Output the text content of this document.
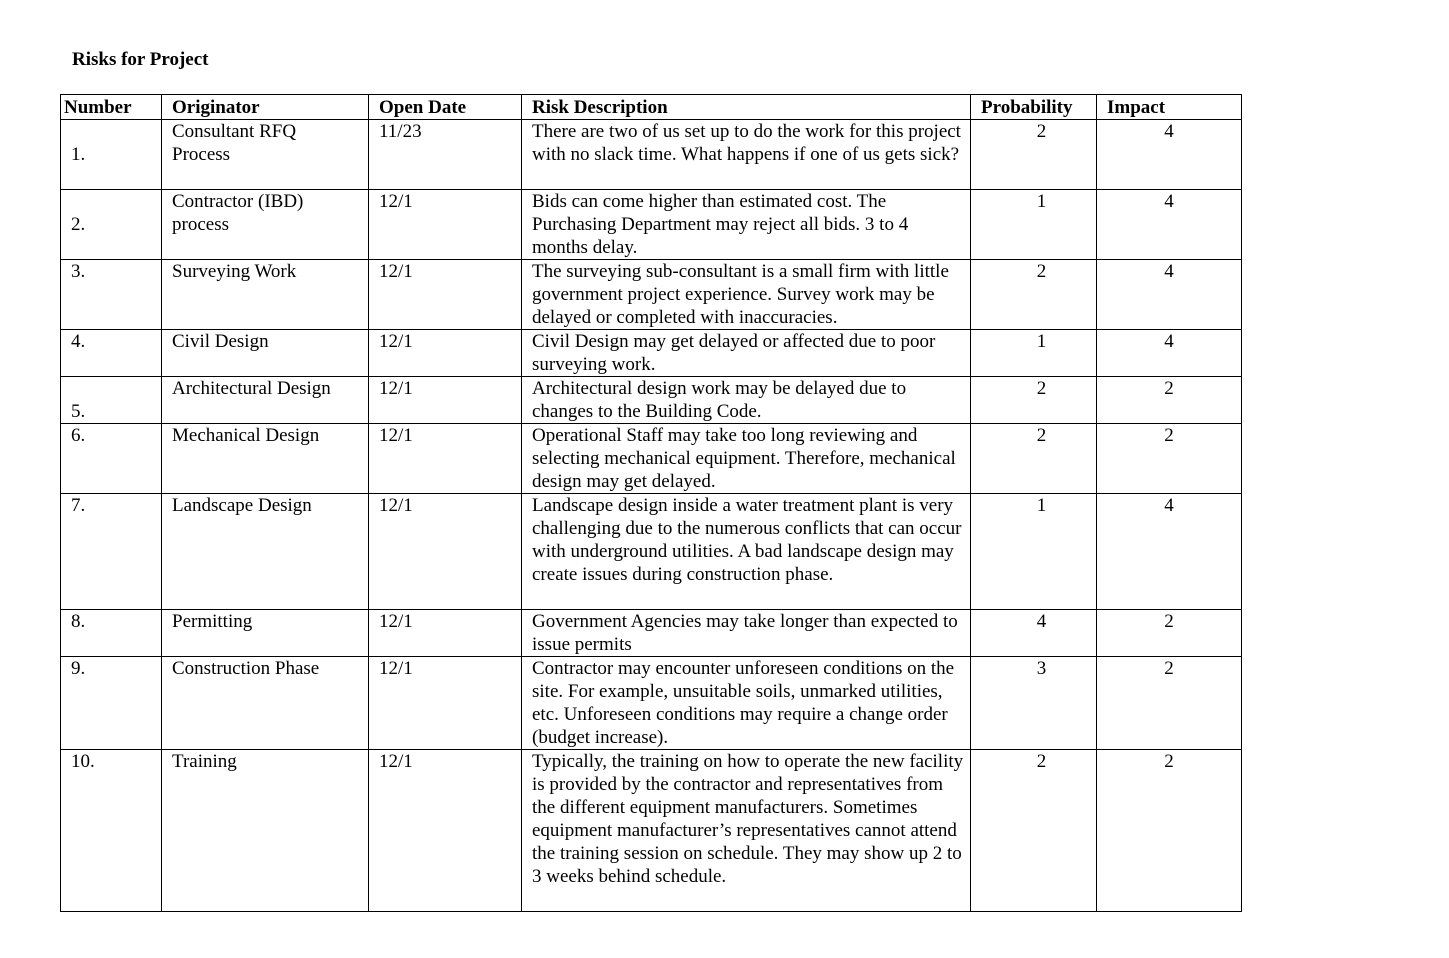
Risks for Project
Number	Originator	Open Date	Risk Description	Probability	Impact
1.	Consultant RFQ Process	11/23	There are two of us set up to do the work for this project with no slack time. What happens if one of us gets sick?	2	4
2.	Contractor (IBD) process	12/1	Bids can come higher than estimated cost. The Purchasing Department may reject all bids. 3 to 4 months delay.	1	4
3.	Surveying Work	12/1	The surveying sub-consultant is a small firm with little government project experience. Survey work may be delayed or completed with inaccuracies.	2	4
4.	Civil Design	12/1	Civil Design may get delayed or affected due to poor surveying work.	1	4
5.	Architectural Design	12/1	Architectural design work may be delayed due to changes to the Building Code.	2	2
6.	Mechanical Design	12/1	Operational Staff may take too long reviewing and selecting mechanical equipment. Therefore, mechanical design may get delayed.	2	2
7.	Landscape Design	12/1	Landscape design inside a water treatment plant is very challenging due to the numerous conflicts that can occur with underground utilities. A bad landscape design may create issues during construction phase.	1	4
8.	Permitting	12/1	Government Agencies may take longer than expected to issue permits	4	2
9.	Construction Phase	12/1	Contractor may encounter unforeseen conditions on the site. For example, unsuitable soils, unmarked utilities, etc. Unforeseen conditions may require a change order (budget increase).	3	2
10.	Training	12/1	Typically, the training on how to operate the new facility is provided by the contractor and representatives from the different equipment manufacturers. Sometimes equipment manufacturer’s representatives cannot attend the training session on schedule. They may show up 2 to 3 weeks behind schedule.	2	2
